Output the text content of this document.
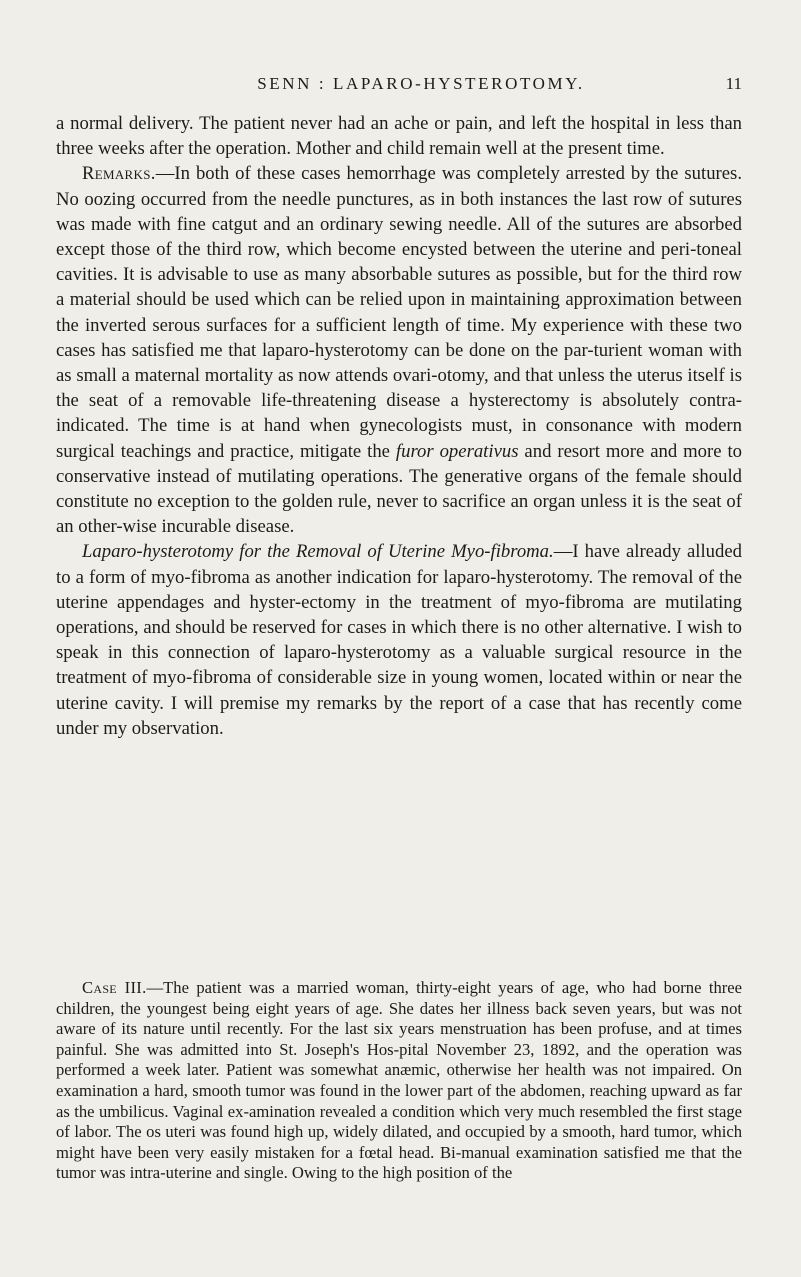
SENN : LAPARO-HYSTEROTOMY.	11

a normal delivery. The patient never had an ache or pain, and left the hospital in less than three weeks after the operation. Mother and child remain well at the present time.

Remarks.—In both of these cases hemorrhage was completely arrested by the sutures. No oozing occurred from the needle punctures, as in both instances the last row of sutures was made with fine catgut and an ordinary sewing needle. All of the sutures are absorbed except those of the third row, which become encysted between the uterine and peri-toneal cavities. It is advisable to use as many absorbable sutures as possible, but for the third row a material should be used which can be relied upon in maintaining approximation between the inverted serous surfaces for a sufficient length of time. My experience with these two cases has satisfied me that laparo-hysterotomy can be done on the par-turient woman with as small a maternal mortality as now attends ovari-otomy, and that unless the uterus itself is the seat of a removable life-threatening disease a hysterectomy is absolutely contra-indicated. The time is at hand when gynecologists must, in consonance with modern surgical teachings and practice, mitigate the furor operativus and resort more and more to conservative instead of mutilating operations. The generative organs of the female should constitute no exception to the golden rule, never to sacrifice an organ unless it is the seat of an other-wise incurable disease.

Laparo-hysterotomy for the Removal of Uterine Myo-fibroma.—I have already alluded to a form of myo-fibroma as another indication for laparo-hysterotomy. The removal of the uterine appendages and hyster-ectomy in the treatment of myo-fibroma are mutilating operations, and should be reserved for cases in which there is no other alternative. I wish to speak in this connection of laparo-hysterotomy as a valuable surgical resource in the treatment of myo-fibroma of considerable size in young women, located within or near the uterine cavity. I will premise my remarks by the report of a case that has recently come under my observation.

Case III.—The patient was a married woman, thirty-eight years of age, who had borne three children, the youngest being eight years of age. She dates her illness back seven years, but was not aware of its nature until recently. For the last six years menstruation has been profuse, and at times painful. She was admitted into St. Joseph's Hos-pital November 23, 1892, and the operation was performed a week later. Patient was somewhat anæmic, otherwise her health was not impaired. On examination a hard, smooth tumor was found in the lower part of the abdomen, reaching upward as far as the umbilicus. Vaginal ex-amination revealed a condition which very much resembled the first stage of labor. The os uteri was found high up, widely dilated, and occupied by a smooth, hard tumor, which might have been very easily mistaken for a fœtal head. Bi-manual examination satisfied me that the tumor was intra-uterine and single. Owing to the high position of the
